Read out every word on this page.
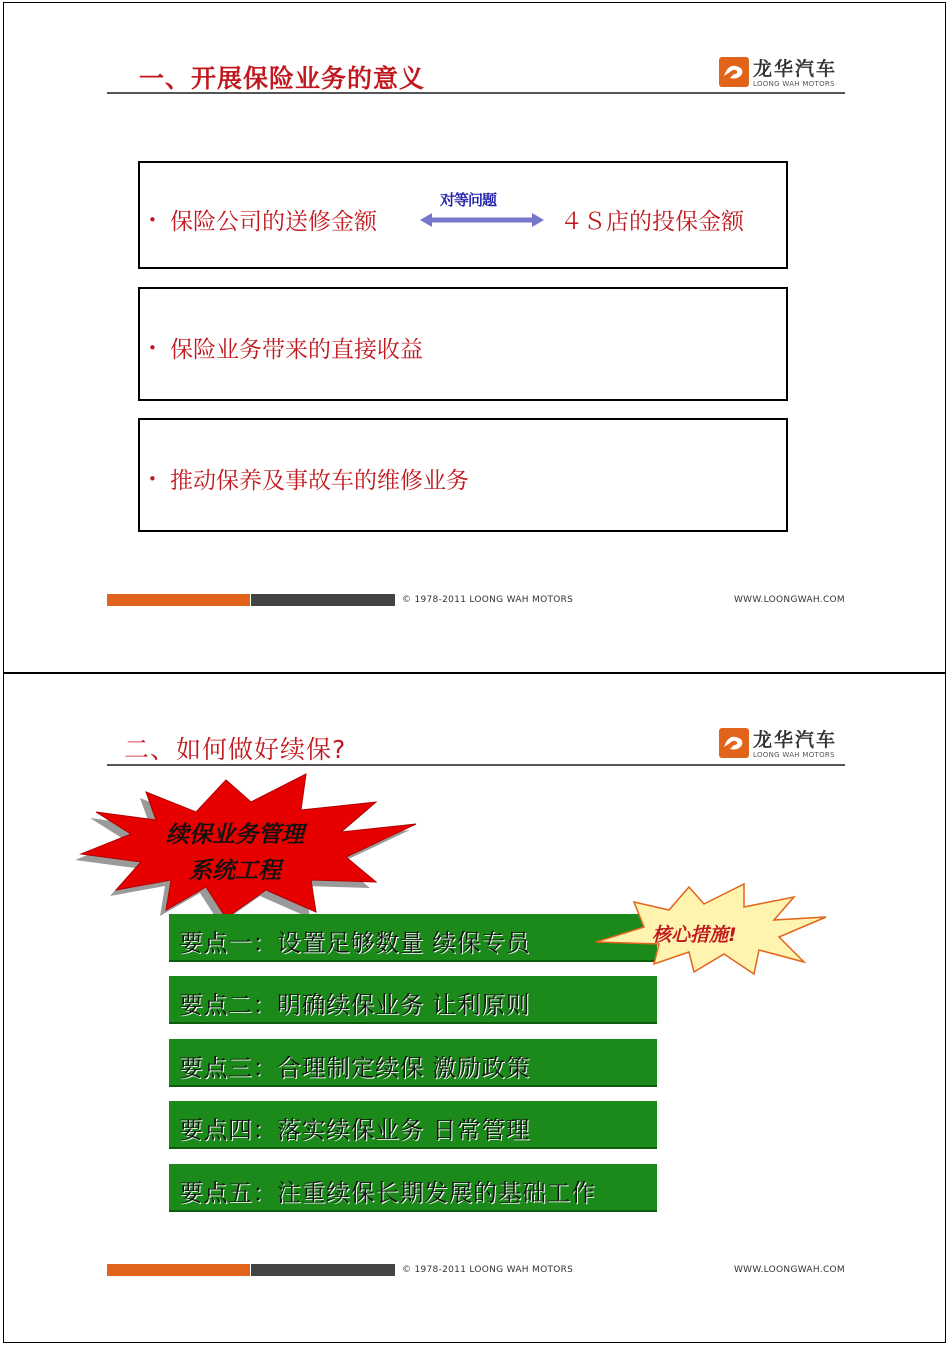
一、开展保险业务的意义	龙华汽车
LOONG WAH MOTORS
• 保险公司的送修金额
对等问题
４Ｓ店的投保金额
• 保险业务带来的直接收益
• 推动保养及事故车的维修业务
© 1978-2011 LOONG WAH MOTORS	WWW.LOONGWAH.COM
二、如何做好续保?	龙华汽车
LOONG WAH MOTORS
续保业务管理
系统工程
要点一：设置足够数量 续保专员
要点二：明确续保业务 让利原则
要点三：合理制定续保 激励政策
要点四：落实续保业务 日常管理
要点五：注重续保长期发展的基础工作
核心措施!
© 1978-2011 LOONG WAH MOTORS	WWW.LOONGWAH.COM
